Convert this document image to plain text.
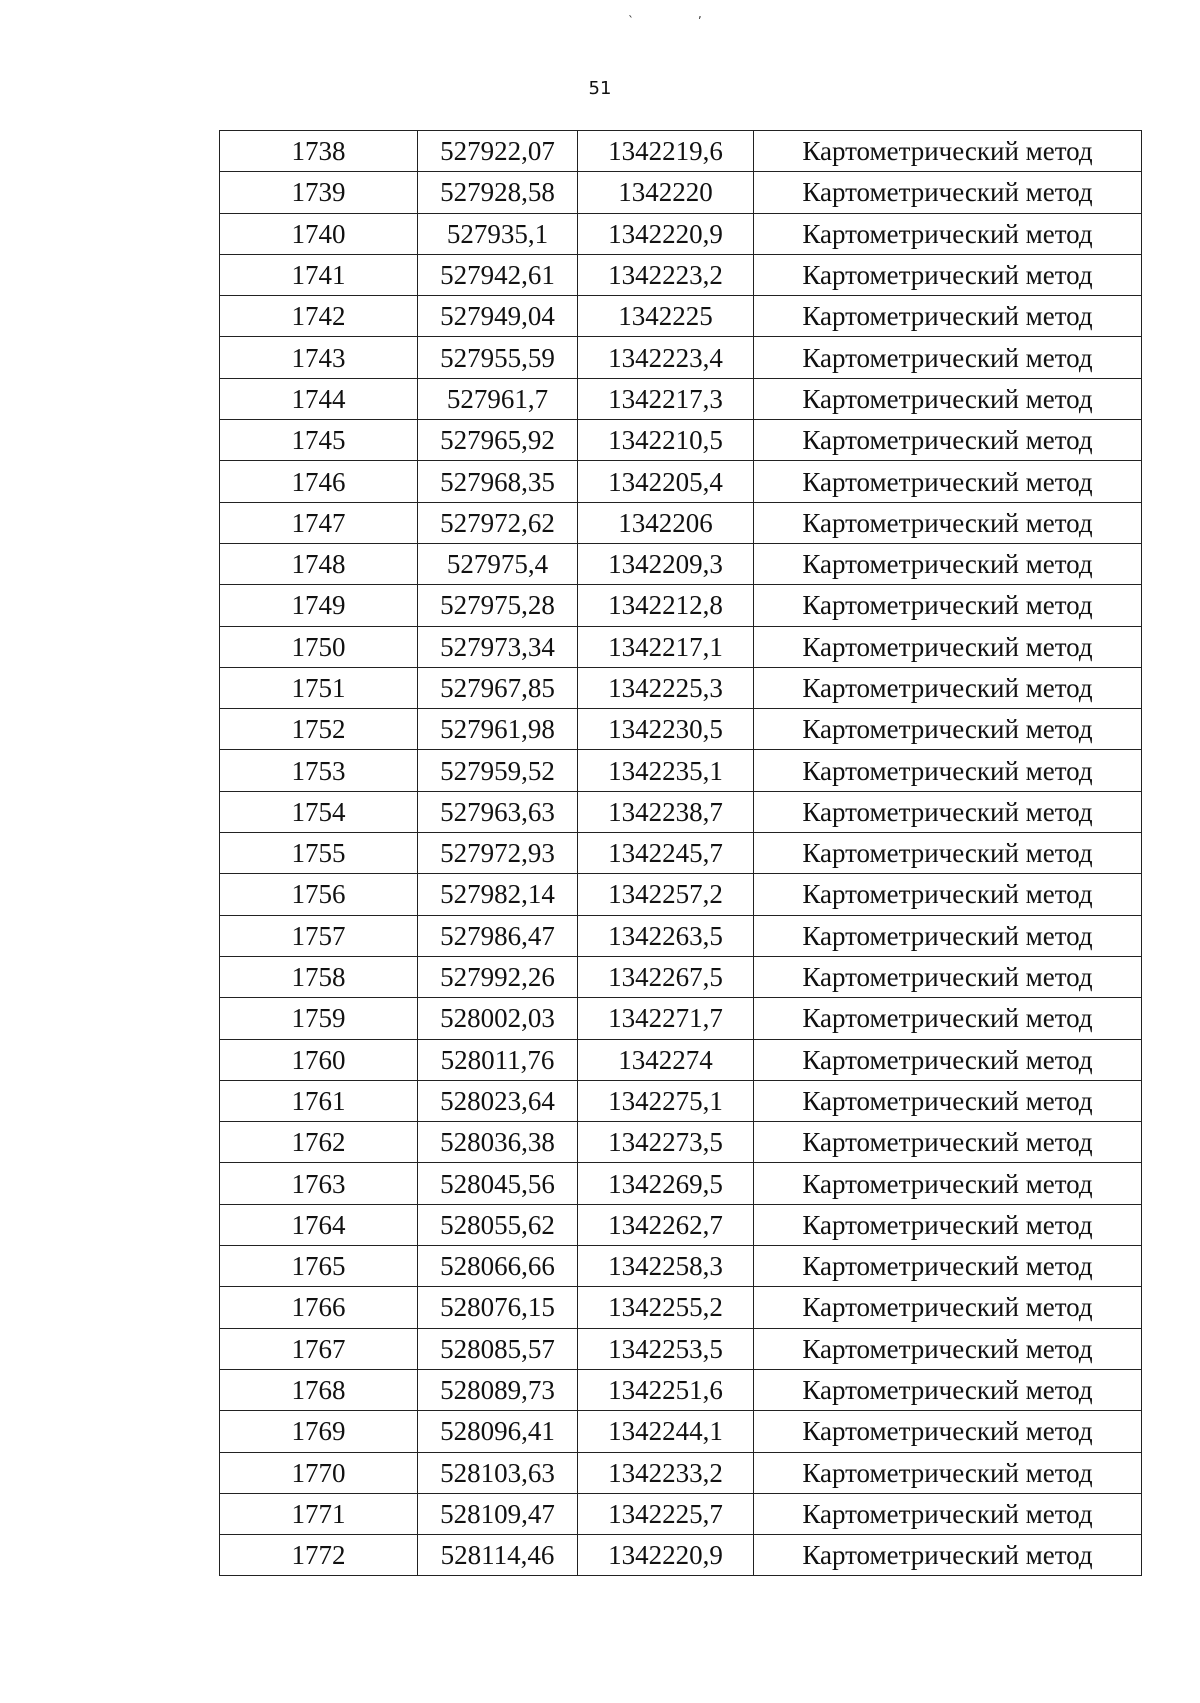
`	ʼ
51
1738	527922,07	1342219,6	Картометрический метод
1739	527928,58	1342220	Картометрический метод
1740	527935,1	1342220,9	Картометрический метод
1741	527942,61	1342223,2	Картометрический метод
1742	527949,04	1342225	Картометрический метод
1743	527955,59	1342223,4	Картометрический метод
1744	527961,7	1342217,3	Картометрический метод
1745	527965,92	1342210,5	Картометрический метод
1746	527968,35	1342205,4	Картометрический метод
1747	527972,62	1342206	Картометрический метод
1748	527975,4	1342209,3	Картометрический метод
1749	527975,28	1342212,8	Картометрический метод
1750	527973,34	1342217,1	Картометрический метод
1751	527967,85	1342225,3	Картометрический метод
1752	527961,98	1342230,5	Картометрический метод
1753	527959,52	1342235,1	Картометрический метод
1754	527963,63	1342238,7	Картометрический метод
1755	527972,93	1342245,7	Картометрический метод
1756	527982,14	1342257,2	Картометрический метод
1757	527986,47	1342263,5	Картометрический метод
1758	527992,26	1342267,5	Картометрический метод
1759	528002,03	1342271,7	Картометрический метод
1760	528011,76	1342274	Картометрический метод
1761	528023,64	1342275,1	Картометрический метод
1762	528036,38	1342273,5	Картометрический метод
1763	528045,56	1342269,5	Картометрический метод
1764	528055,62	1342262,7	Картометрический метод
1765	528066,66	1342258,3	Картометрический метод
1766	528076,15	1342255,2	Картометрический метод
1767	528085,57	1342253,5	Картометрический метод
1768	528089,73	1342251,6	Картометрический метод
1769	528096,41	1342244,1	Картометрический метод
1770	528103,63	1342233,2	Картометрический метод
1771	528109,47	1342225,7	Картометрический метод
1772	528114,46	1342220,9	Картометрический метод
